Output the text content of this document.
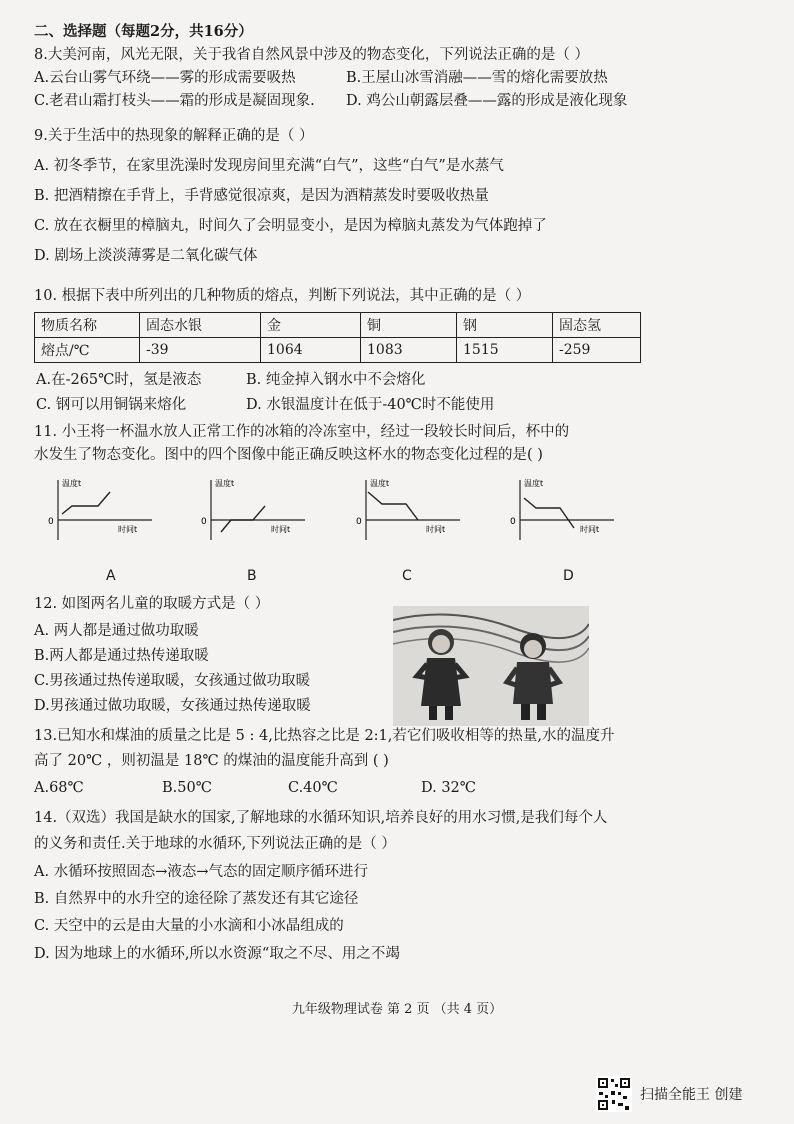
二、选择题（每题2分，共16分）
8.大美河南，风光无限，关于我省自然风景中涉及的物态变化，下列说法正确的是（ ）
A.云台山雾气环绕——雾的形成需要吸热	B.王屋山冰雪消融——雪的熔化需要放热
C.老君山霜打枝头——霜的形成是凝固现象. D. 鸡公山朝露层叠——露的形成是液化现象
9.关于生活中的热现象的解释正确的是（ ）
A. 初冬季节，在家里洗澡时发现房间里充满“白气”，这些“白气”是水蒸气
B. 把酒精擦在手背上，手背感觉很凉爽，是因为酒精蒸发时要吸收热量
C. 放在衣橱里的樟脑丸，时间久了会明显变小，是因为樟脑丸蒸发为气体跑掉了
D. 剧场上淡淡薄雾是二氧化碳气体
10. 根据下表中所列出的几种物质的熔点，判断下列说法，其中正确的是（ ）
物质名称	固态水银	金	铜	钢	固态氢
熔点/℃	-39	1064	1083	1515	-259
A.在-265℃时，氢是液态	B. 纯金掉入钢水中不会熔化
C. 钢可以用铜锅来熔化	D. 水银温度计在低于-40℃时不能使用
11. 小王将一杯温水放人正常工作的冰箱的冷冻室中，经过一段较长时间后，杯中的
水发生了物态变化。图中的四个图像中能正确反映这杯水的物态变化过程的是( )
温度t
时间t
0
温度t
时间t
0
温度t
时间t
0
温度t
时间t
0
A	B	C	D
12. 如图两名儿童的取暖方式是（ ）
A. 两人都是通过做功取暖
B.两人都是通过热传递取暖
C.男孩通过热传递取暖，女孩通过做功取暖
D.男孩通过做功取暖，女孩通过热传递取暖
13.已知水和煤油的质量之比是 5 : 4,比热容之比是 2:1,若它们吸收相等的热量,水的温度升
高了 20℃ ，则初温是 18℃ 的煤油的温度能升高到 ( )
A.68℃	B.50℃	C.40℃	D. 32℃
14.（双选）我国是缺水的国家,了解地球的水循环知识,培养良好的用水习惯,是我们每个人
的义务和责任.关于地球的水循环,下列说法正确的是（ ）
A. 水循环按照固态→液态→气态的固定顺序循环进行
B. 自然界中的水升空的途径除了蒸发还有其它途径
C. 天空中的云是由大量的小水滴和小冰晶组成的
D. 因为地球上的水循环,所以水资源“取之不尽、用之不竭
九年级物理试卷 第 2 页 （共 4 页）
扫描全能王 创建
